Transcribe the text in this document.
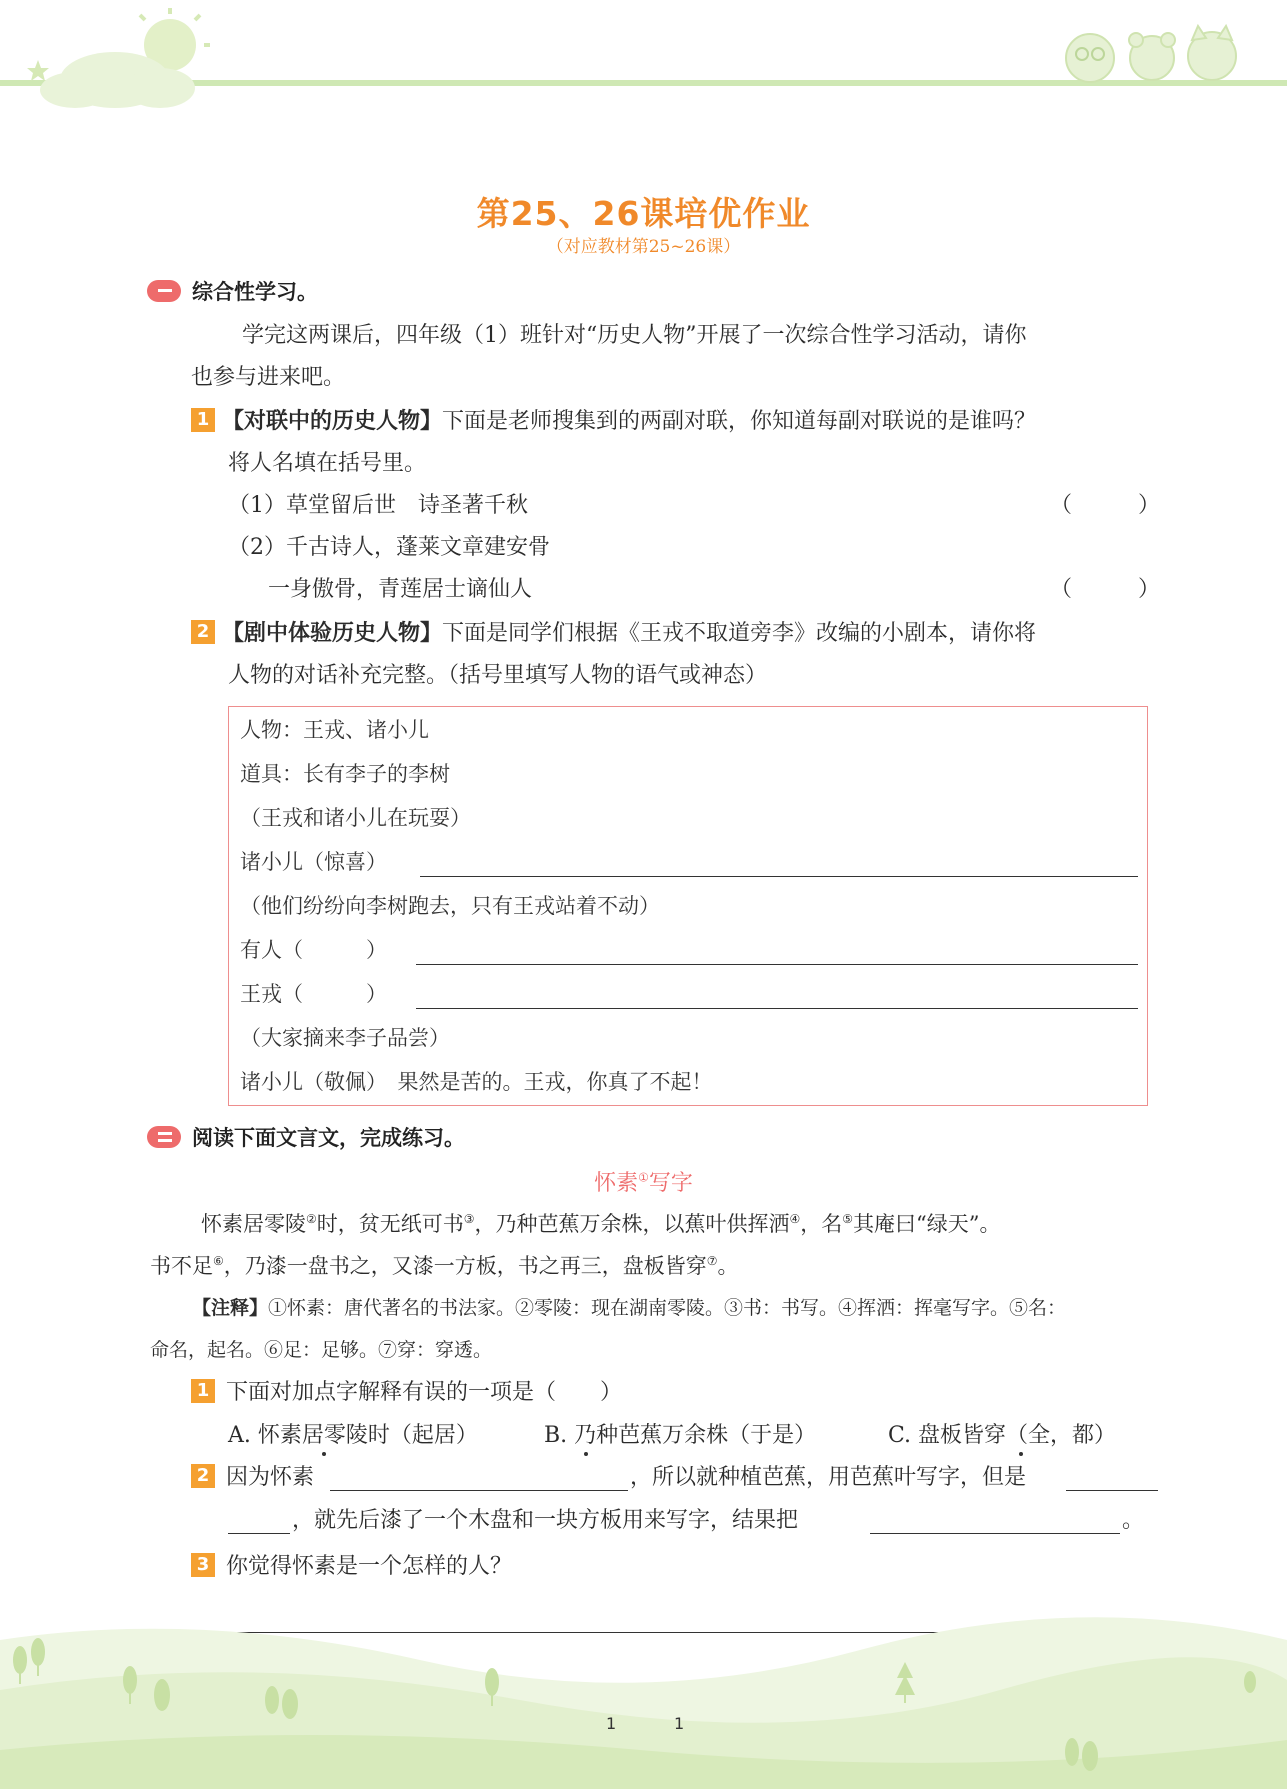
第25、26课培优作业
（对应教材第25~26课）
综合性学习。
学完这两课后，四年级（1）班针对“历史人物”开展了一次综合性学习活动，请你
也参与进来吧。
1 【对联中的历史人物】下面是老师搜集到的两副对联，你知道每副对联说的是谁吗？
将人名填在括号里。
（1）草堂留后世　诗圣著千秋	（　　　）
（2）千古诗人，蓬莱文章建安骨
一身傲骨，青莲居士谪仙人	（　　　）
2 【剧中体验历史人物】下面是同学们根据《王戎不取道旁李》改编的小剧本，请你将
人物的对话补充完整。（括号里填写人物的语气或神态）
人物：王戎、诸小儿
道具：长有李子的李树
（王戎和诸小儿在玩耍）
诸小儿（惊喜）
（他们纷纷向李树跑去，只有王戎站着不动）
有人（　　　）
王戎（　　　）
（大家摘来李子品尝）
诸小儿（敬佩）　果然是苦的。王戎，你真了不起！
阅读下面文言文，完成练习。
怀素①写字
怀素居零陵②时，贫无纸可书③，乃种芭蕉万余株，以蕉叶供挥洒④，名⑤其庵曰“绿天”。
书不足⑥，乃漆一盘书之，又漆一方板，书之再三，盘板皆穿⑦。
【注释】①怀素：唐代著名的书法家。②零陵：现在湖南零陵。③书：书写。④挥洒：挥毫写字。⑤名：
命名，起名。⑥足：足够。⑦穿：穿透。
1 下面对加点字解释有误的一项是（　　）
A. 怀素居零陵时（起居）	B. 乃种芭蕉万余株（于是）	C. 盘板皆穿（全，都）
2 因为怀素	，所以就种植芭蕉，用芭蕉叶写字，但是
，就先后漆了一个木盘和一块方板用来写字，结果把	。
3 你觉得怀素是一个怎样的人？
1	1
